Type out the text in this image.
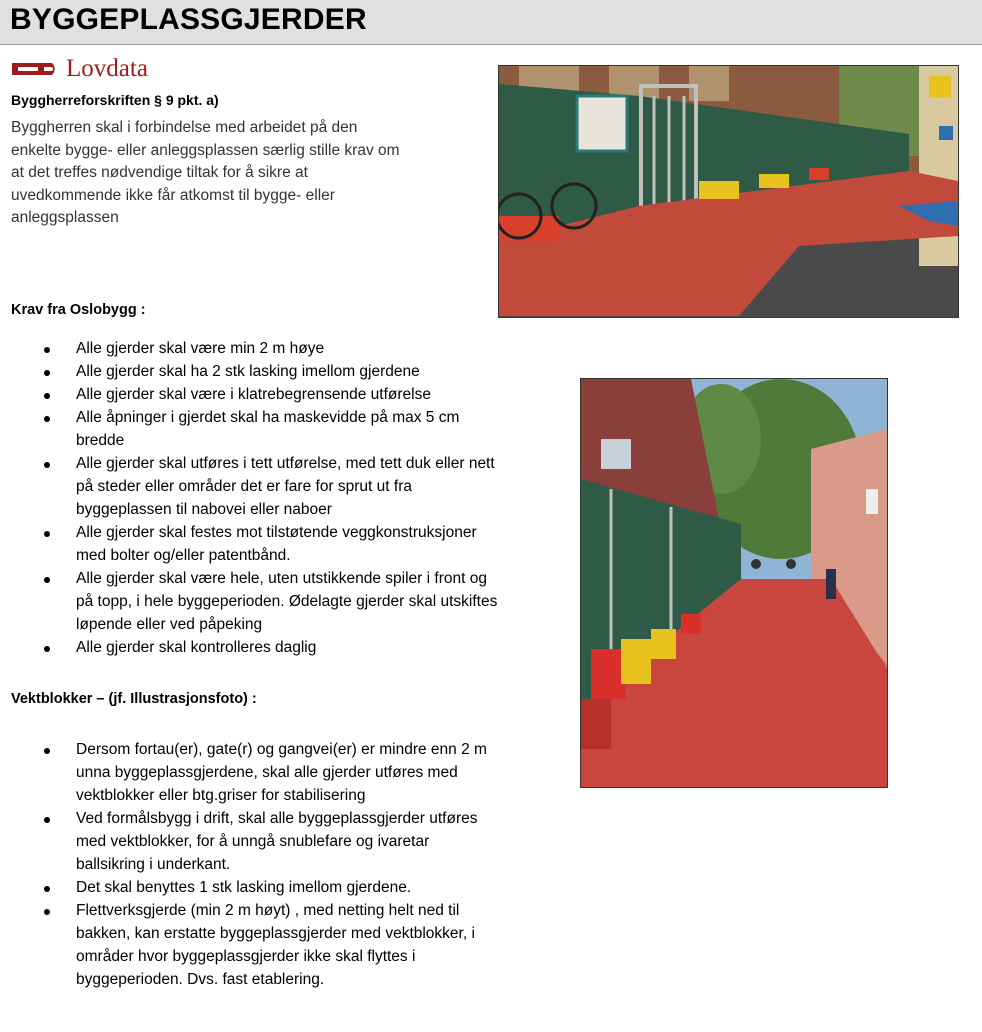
BYGGEPLASSGJERDER
Lovdata
Byggherreforskriften § 9 pkt. a)

Byggherren skal i forbindelse med arbeidet på den enkelte bygge- eller anleggsplassen særlig stille krav om at det treffes nødvendige tiltak for å sikre at uvedkommende ikke får atkomst til bygge- eller anleggsplassen

Krav fra Oslobygg :
Alle gjerder skal være min 2 m høye
Alle gjerder skal ha 2 stk lasking imellom gjerdene
Alle gjerder skal være i klatrebegrensende utførelse
Alle åpninger i gjerdet skal ha maskevidde på max 5 cm bredde
Alle gjerder skal utføres i tett utførelse, med tett duk eller nett på steder eller områder det er fare for sprut ut fra byggeplassen til nabovei eller naboer
Alle gjerder skal festes mot tilstøtende veggkonstruksjoner med bolter og/eller patentbånd.
Alle gjerder skal være hele, uten utstikkende spiler i front og på topp, i hele byggeperioden. Ødelagte gjerder skal utskiftes løpende eller ved påpeking
Alle gjerder skal kontrolleres daglig
Vektblokker – (jf. Illustrasjonsfoto) :
Dersom fortau(er), gate(r) og gangvei(er) er mindre enn 2 m unna byggeplassgjerdene, skal alle gjerder utføres med vektblokker eller btg.griser for stabilisering
Ved formålsbygg i drift, skal alle byggeplassgjerder utføres med vektblokker, for å unngå snublefare og ivaretar ballsikring i underkant.
Det skal benyttes 1 stk lasking imellom gjerdene.
Flettverksgjerde (min 2 m høyt) , med netting helt ned til bakken, kan erstatte byggeplassgjerder med vektblokker, i områder hvor byggeplassgjerder ikke skal flyttes i byggeperioden. Dvs. fast etablering.
